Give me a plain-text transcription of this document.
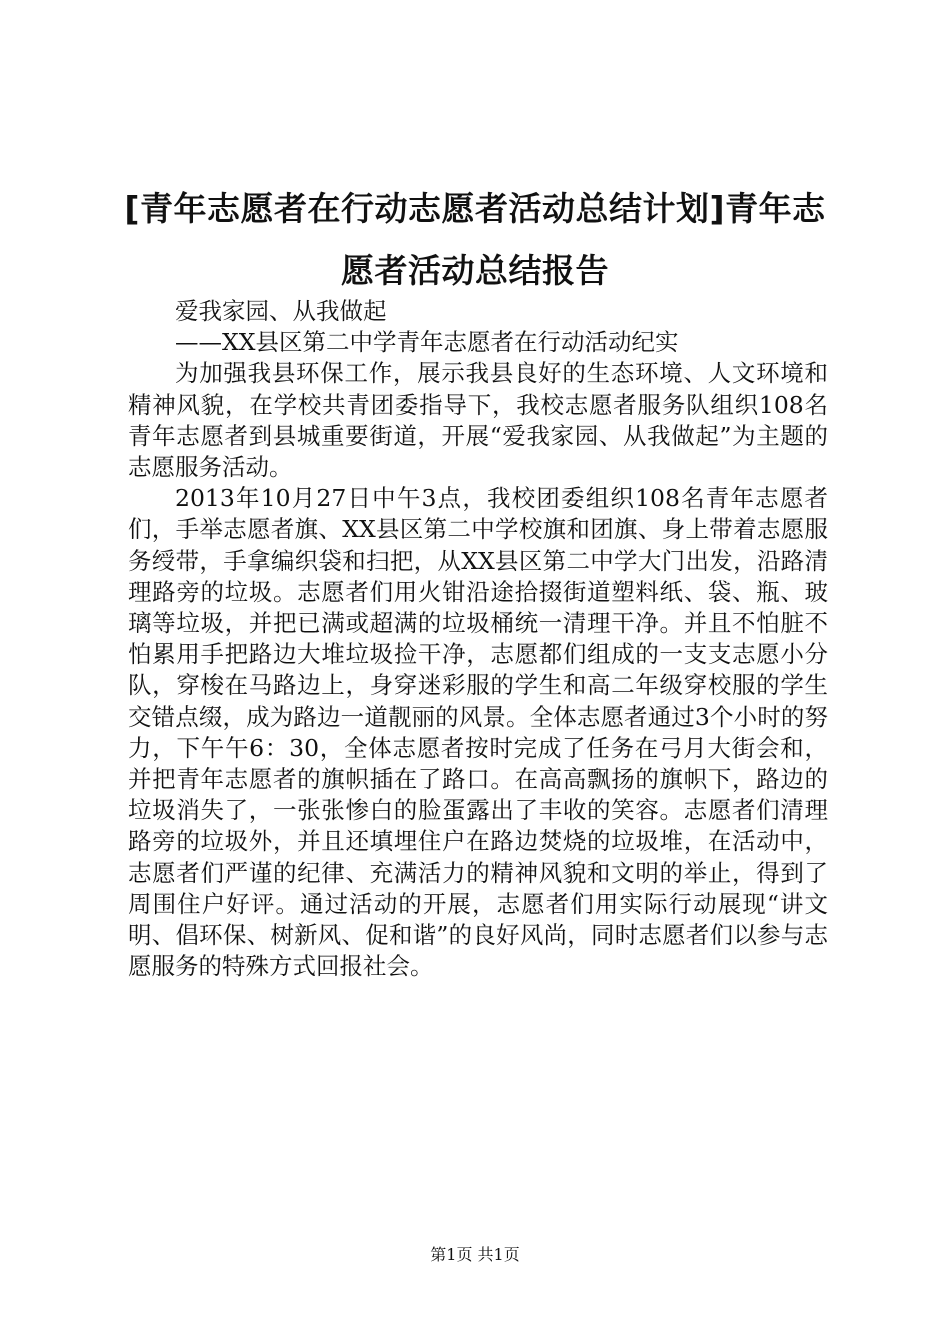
[青年志愿者在行动志愿者活动总结计划]青年志愿者活动总结报告

爱我家园、从我做起

——XX县区第二中学青年志愿者在行动活动纪实

为加强我县环保工作，展示我县良好的生态环境、人文环境和精神风貌，在学校共青团委指导下，我校志愿者服务队组织108名青年志愿者到县城重要街道，开展“爱我家园、从我做起”为主题的志愿服务活动。

2013年10月27日中午3点，我校团委组织108名青年志愿者们，手举志愿者旗、XX县区第二中学校旗和团旗、身上带着志愿服务绶带，手拿编织袋和扫把，从XX县区第二中学大门出发，沿路清理路旁的垃圾。志愿者们用火钳沿途拾掇街道塑料纸、袋、瓶、玻璃等垃圾，并把已满或超满的垃圾桶统一清理干净。并且不怕脏不怕累用手把路边大堆垃圾捡干净，志愿都们组成的一支支志愿小分队，穿梭在马路边上，身穿迷彩服的学生和高二年级穿校服的学生交错点缀，成为路边一道靓丽的风景。全体志愿者通过3个小时的努力，下午午6：30，全体志愿者按时完成了任务在弓月大街会和，并把青年志愿者的旗帜插在了路口。在高高飘扬的旗帜下，路边的垃圾消失了，一张张惨白的脸蛋露出了丰收的笑容。志愿者们清理路旁的垃圾外，并且还填埋住户在路边焚烧的垃圾堆，在活动中，志愿者们严谨的纪律、充满活力的精神风貌和文明的举止，得到了周围住户好评。通过活动的开展，志愿者们用实际行动展现“讲文明、倡环保、树新风、促和谐”的良好风尚，同时志愿者们以参与志愿服务的特殊方式回报社会。

第1页 共1页
